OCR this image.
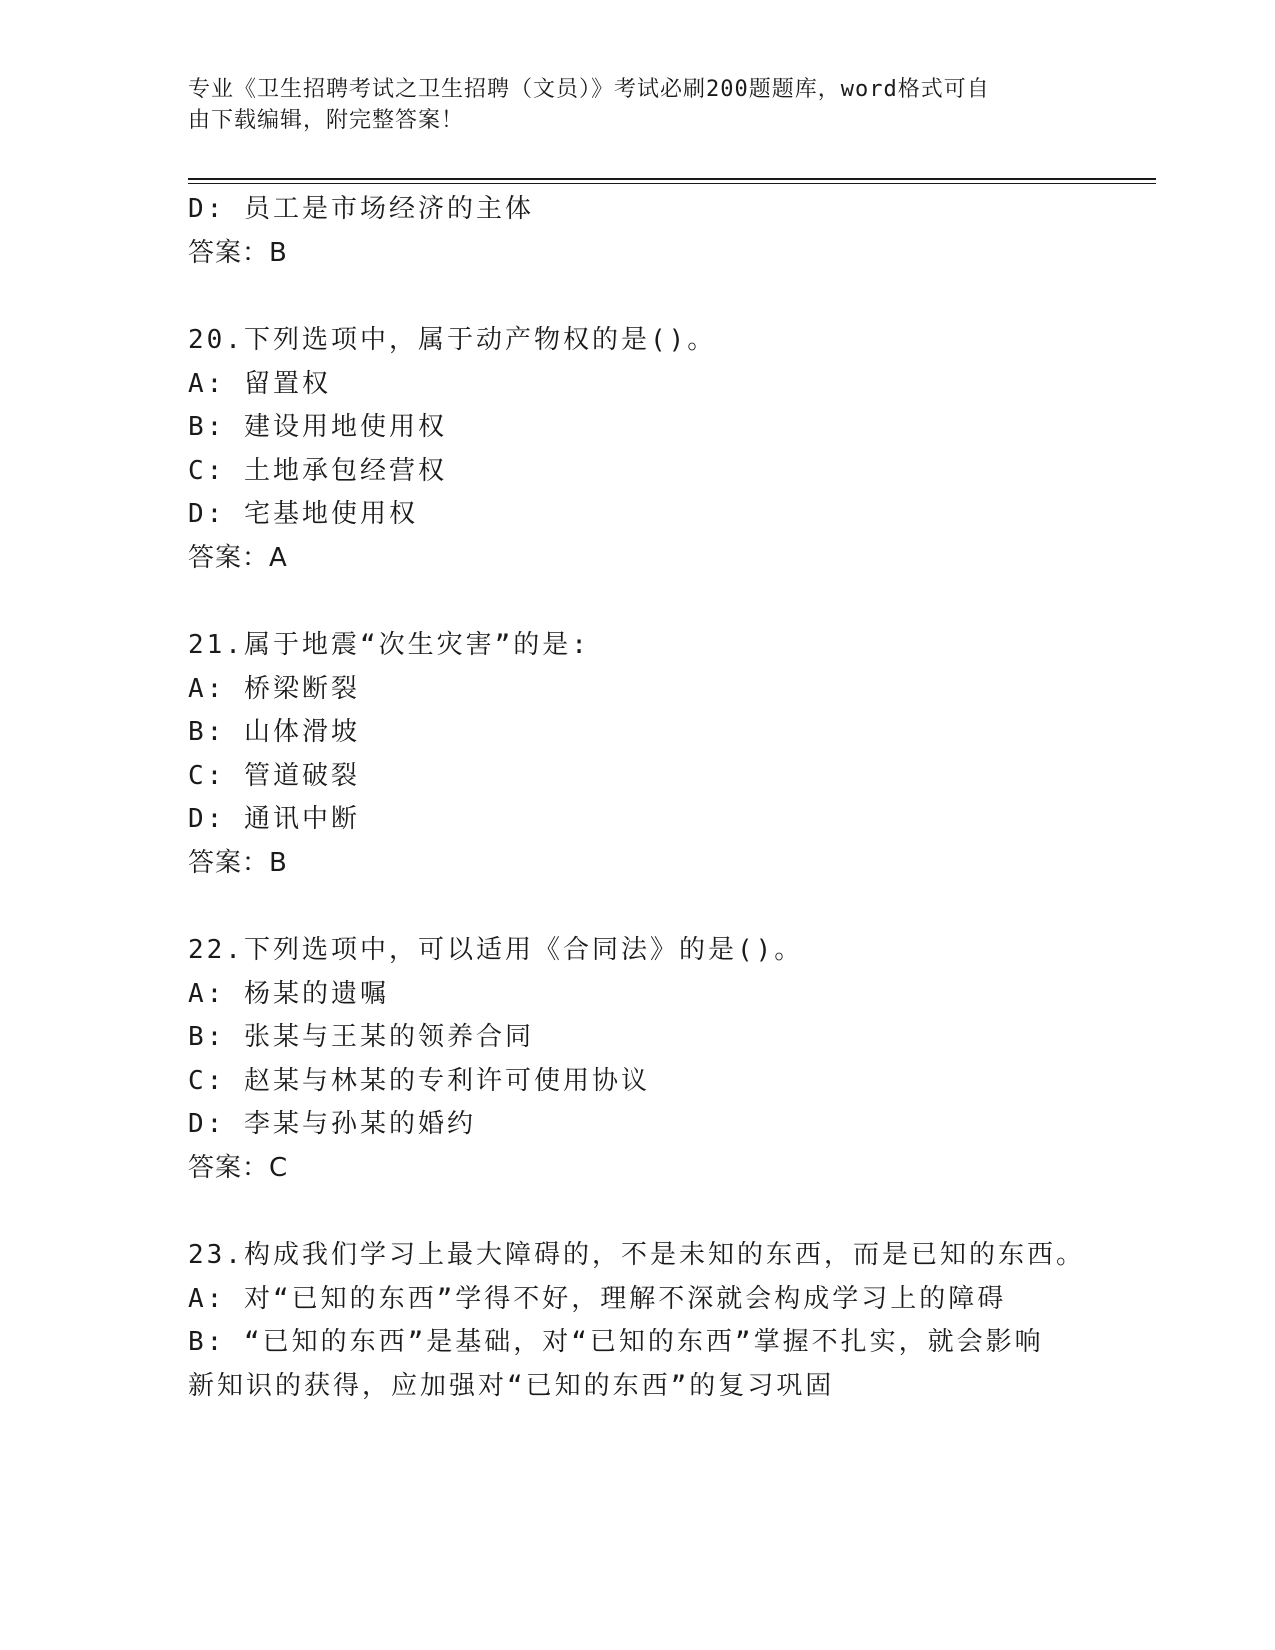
专业《卫生招聘考试之卫生招聘（文员）》考试必刷200题题库，word格式可自
由下载编辑，附完整答案！
D: 员工是市场经济的主体
答案：B
20.下列选项中，属于动产物权的是()。
A: 留置权
B: 建设用地使用权
C: 土地承包经营权
D: 宅基地使用权
答案：A
21.属于地震“次生灾害”的是:
A: 桥梁断裂
B: 山体滑坡
C: 管道破裂
D: 通讯中断
答案：B
22.下列选项中，可以适用《合同法》的是()。
A: 杨某的遗嘱
B: 张某与王某的领养合同
C: 赵某与林某的专利许可使用协议
D: 李某与孙某的婚约
答案：C
23.构成我们学习上最大障碍的，不是未知的东西，而是已知的东西。
A: 对“已知的东西”学得不好，理解不深就会构成学习上的障碍
B: “已知的东西”是基础，对“已知的东西”掌握不扎实，就会影响
新知识的获得，应加强对“已知的东西”的复习巩固
